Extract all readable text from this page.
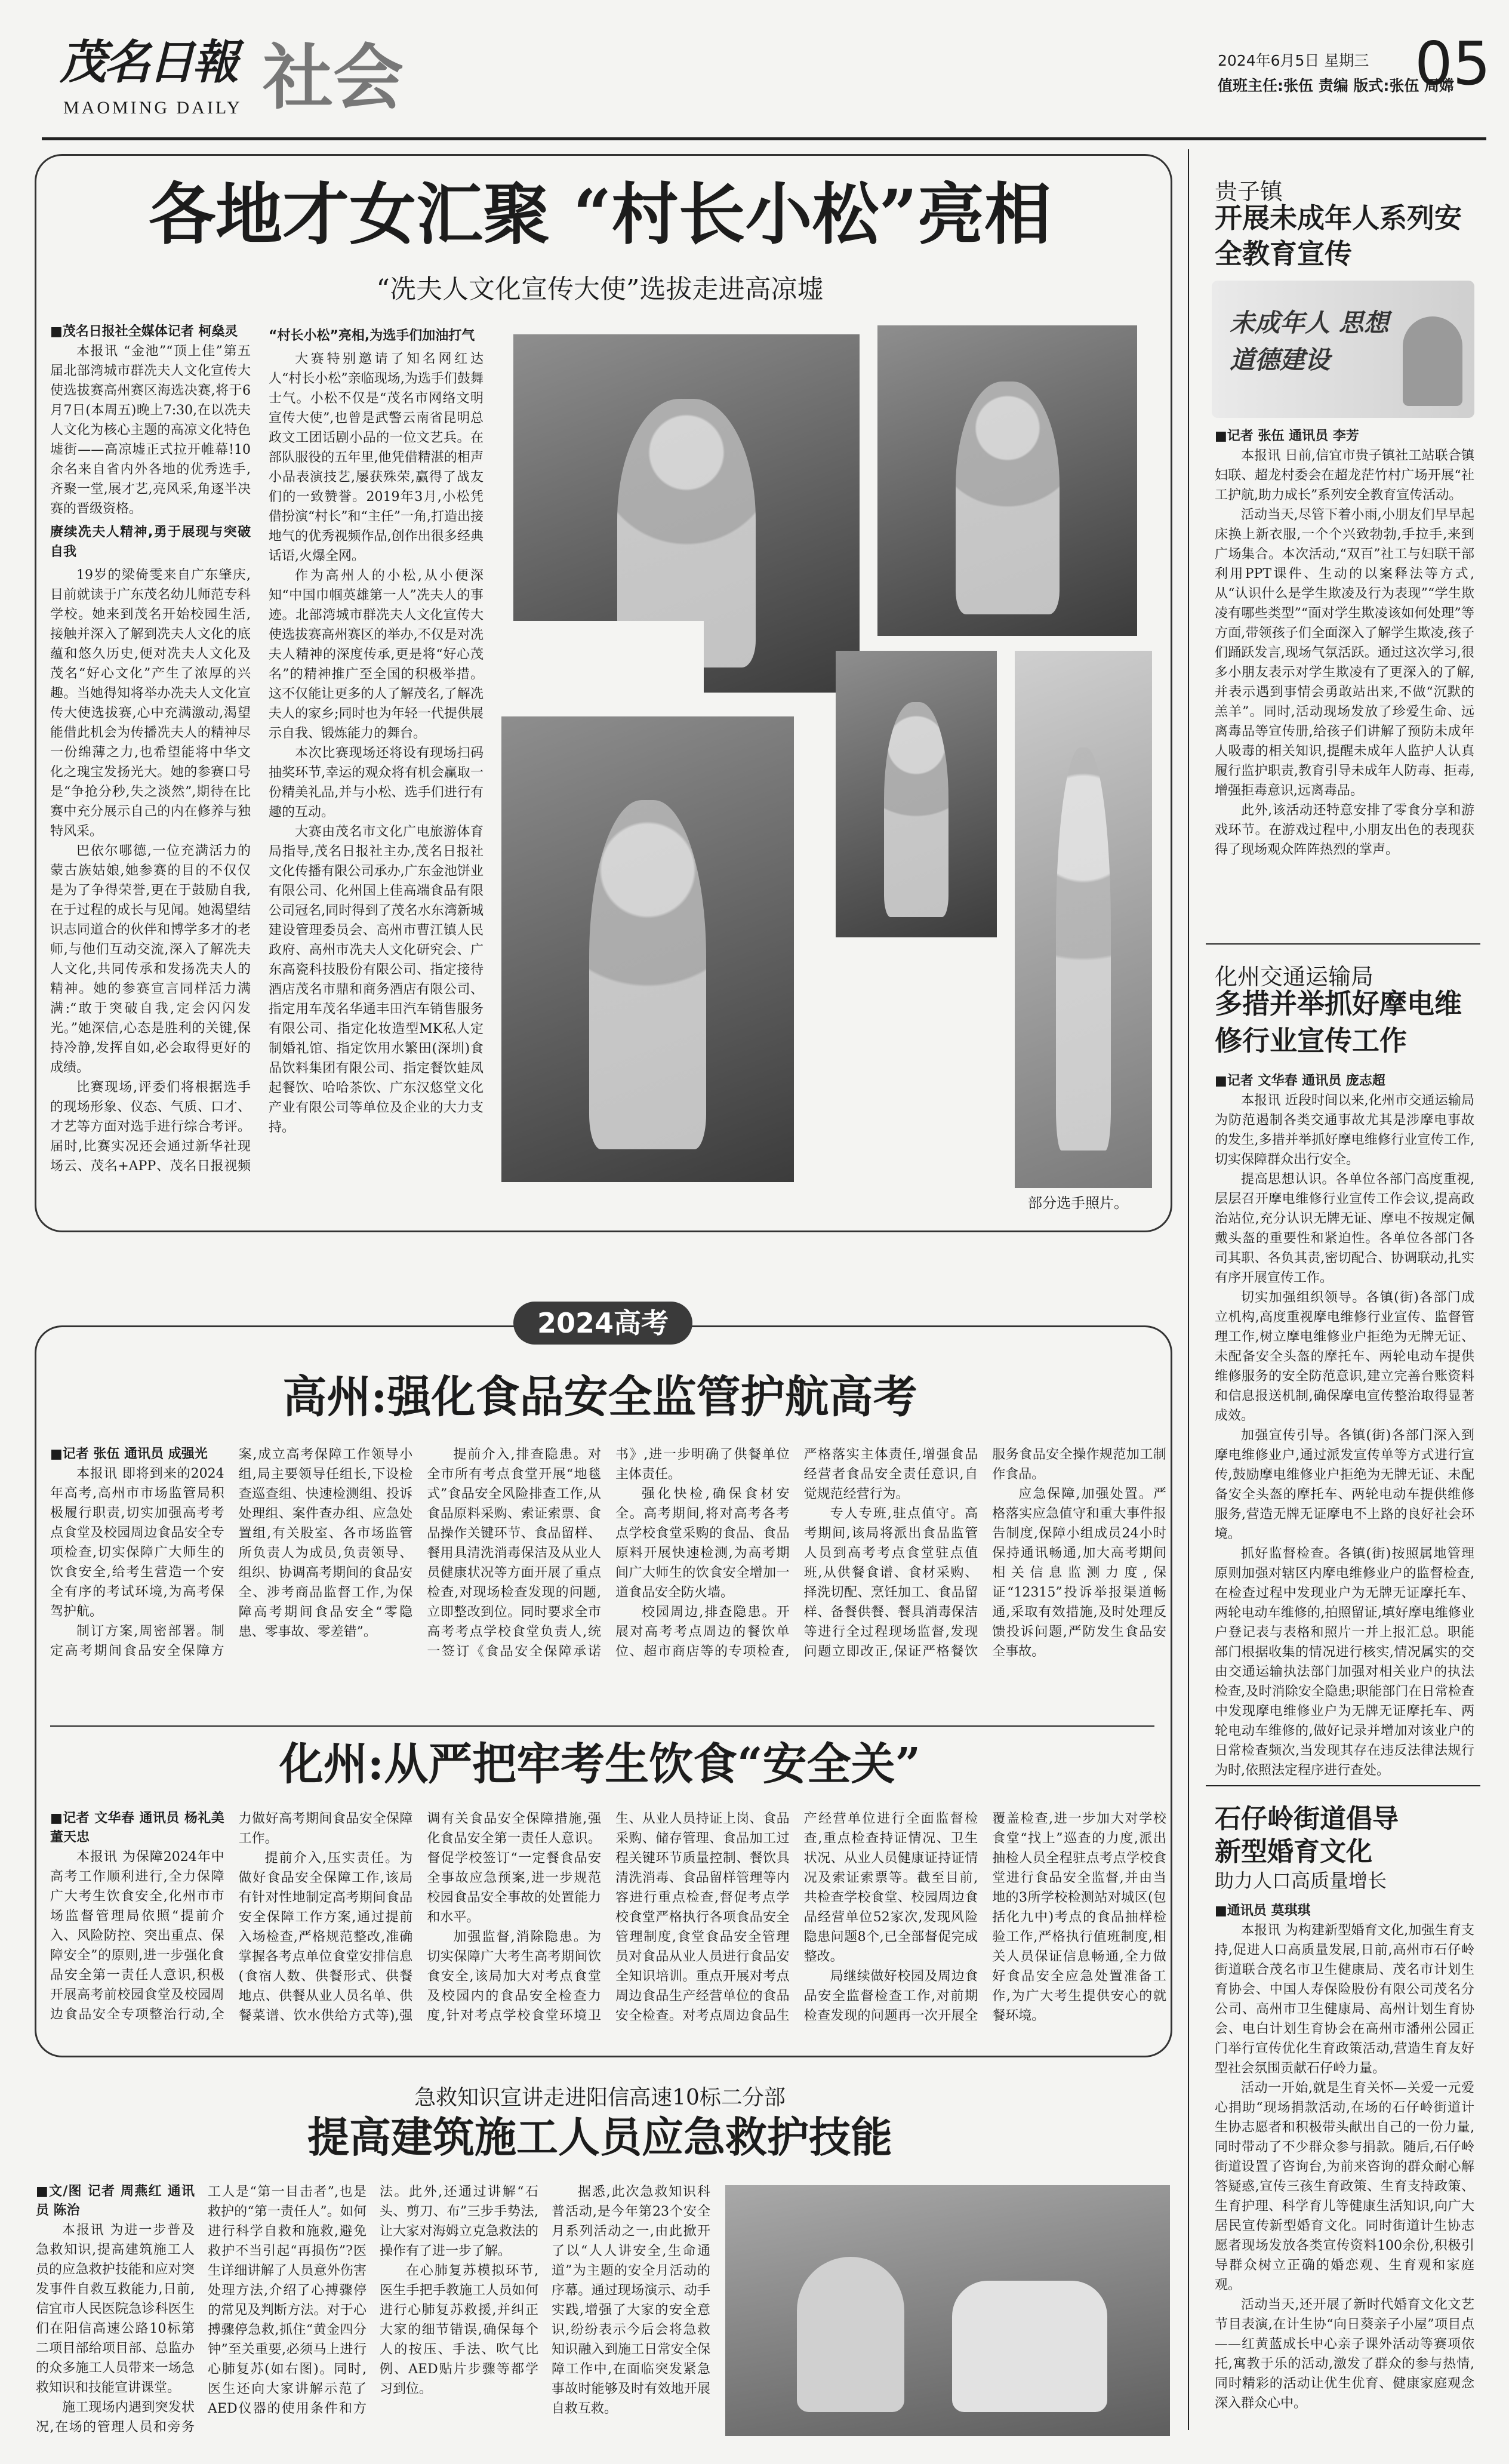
茂名日報
MAOMING DAILY 社会	2024年6月5日 星期三
值班主任:张伍 责编 版式:张伍 周嫦
05
各地才女汇聚 “村长小松”亮相
“冼夫人文化宣传大使”选拔走进高凉墟
■茂名日报社全媒体记者 柯燊灵

本报讯 “金池”“顶上佳”第五届北部湾城市群冼夫人文化宣传大使选拔赛高州赛区海选决赛,将于6月7日(本周五)晚上7:30,在以冼夫人文化为核心主题的高凉文化特色墟街——高凉墟正式拉开帷幕!10余名来自省内外各地的优秀选手,齐聚一堂,展才艺,亮风采,角逐半决赛的晋级资格。

赓续冼夫人精神,勇于展现与突破自我

19岁的梁倚雯来自广东肇庆,目前就读于广东茂名幼儿师范专科学校。她来到茂名开始校园生活,接触并深入了解到冼夫人文化的底蕴和悠久历史,便对冼夫人文化及茂名“好心文化”产生了浓厚的兴趣。当她得知将举办冼夫人文化宣传大使选拔赛,心中充满激动,渴望能借此机会为传播冼夫人的精神尽一份绵薄之力,也希望能将中华文化之瑰宝发扬光大。她的参赛口号是“争抢分秒,失之淡然”,期待在比赛中充分展示自己的内在修养与独特风采。

巴依尔哪德,一位充满活力的蒙古族姑娘,她参赛的目的不仅仅是为了争得荣誉,更在于鼓励自我,在于过程的成长与见闻。她渴望结识志同道合的伙伴和博学多才的老师,与他们互动交流,深入了解冼夫人文化,共同传承和发扬冼夫人的精神。她的参赛宣言同样活力满满:“敢于突破自我,定会闪闪发光。”她深信,心态是胜利的关键,保持冷静,发挥自如,必会取得更好的成绩。

比赛现场,评委们将根据选手的现场形象、仪态、气质、口才、才艺等方面对选手进行综合考评。届时,比赛实况还会通过新华社现场云、茂名+APP、茂名日报视频

“村长小松”亮相,为选手们加油打气

大赛特别邀请了知名网红达人“村长小松”亲临现场,为选手们鼓舞士气。小松不仅是“茂名市网络文明宣传大使”,也曾是武警云南省昆明总政文工团话剧小品的一位文艺兵。在部队服役的五年里,他凭借精湛的相声小品表演技艺,屡获殊荣,赢得了战友们的一致赞誉。2019年3月,小松凭借扮演“村长”和“主任”一角,打造出接地气的优秀视频作品,创作出很多经典话语,火爆全网。

作为高州人的小松,从小便深知“中国巾帼英雄第一人”冼夫人的事迹。北部湾城市群冼夫人文化宣传大使选拔赛高州赛区的举办,不仅是对冼夫人精神的深度传承,更是将“好心茂名”的精神推广至全国的积极举措。这不仅能让更多的人了解茂名,了解冼夫人的家乡;同时也为年轻一代提供展示自我、锻炼能力的舞台。

本次比赛现场还将设有现场扫码抽奖环节,幸运的观众将有机会赢取一份精美礼品,并与小松、选手们进行有趣的互动。

大赛由茂名市文化广电旅游体育局指导,茂名日报社主办,茂名日报社文化传播有限公司承办,广东金池饼业有限公司、化州国上佳高端食品有限公司冠名,同时得到了茂名水东湾新城建设管理委员会、高州市曹江镇人民政府、高州市冼夫人文化研究会、广东高瓷科技股份有限公司、指定接待酒店茂名市鼎和商务酒店有限公司、指定用车茂名华通丰田汽车销售服务有限公司、指定化妆造型MK私人定制婚礼馆、指定饮用水繁田(深圳)食品饮料集团有限公司、指定餐饮蛙凤起餐饮、哈哈茶饮、广东汉悠堂文化产业有限公司等单位及企业的大力支持。

部分选手照片。
贵子镇
开展未成年人系列安全教育宣传
未成年人 思想道德建设
■记者 张伍 通讯员 李芳

本报讯 日前,信宜市贵子镇社工站联合镇妇联、超龙村委会在超龙茫竹村广场开展“社工护航,助力成长”系列安全教育宣传活动。

活动当天,尽管下着小雨,小朋友们早早起床换上新衣服,一个个兴致勃勃,手拉手,来到广场集合。本次活动,“双百”社工与妇联干部利用PPT课件、生动的以案释法等方式,从“认识什么是学生欺凌及行为表现”“学生欺凌有哪些类型”“面对学生欺凌该如何处理”等方面,带领孩子们全面深入了解学生欺凌,孩子们踊跃发言,现场气氛活跃。通过这次学习,很多小朋友表示对学生欺凌有了更深入的了解,并表示遇到事情会勇敢站出来,不做“沉默的羔羊”。同时,活动现场发放了珍爱生命、远离毒品等宣传册,给孩子们讲解了预防未成年人吸毒的相关知识,提醒未成年人监护人认真履行监护职责,教育引导未成年人防毒、拒毒,增强拒毒意识,远离毒品。

此外,该活动还特意安排了零食分享和游戏环节。在游戏过程中,小朋友出色的表现获得了现场观众阵阵热烈的掌声。

化州交通运输局
多措并举抓好摩电维修行业宣传工作
■记者 文华春 通讯员 庞志超

本报讯 近段时间以来,化州市交通运输局为防范遏制各类交通事故尤其是涉摩电事故的发生,多措并举抓好摩电维修行业宣传工作,切实保障群众出行安全。

提高思想认识。各单位各部门高度重视,层层召开摩电维修行业宣传工作会议,提高政治站位,充分认识无牌无证、摩电不按规定佩戴头盔的重要性和紧迫性。各单位各部门各司其职、各负其责,密切配合、协调联动,扎实有序开展宣传工作。

切实加强组织领导。各镇(街)各部门成立机构,高度重视摩电维修行业宣传、监督管理工作,树立摩电维修业户拒绝为无牌无证、未配备安全头盔的摩托车、两轮电动车提供维修服务的安全防范意识,建立完善台账资料和信息报送机制,确保摩电宣传整治取得显著成效。

加强宣传引导。各镇(街)各部门深入到摩电维修业户,通过派发宣传单等方式进行宣传,鼓励摩电维修业户拒绝为无牌无证、未配备安全头盔的摩托车、两轮电动车提供维修服务,营造无牌无证摩电不上路的良好社会环境。

抓好监督检查。各镇(街)按照属地管理原则加强对辖区内摩电维修业户的监督检查,在检查过程中发现业户为无牌无证摩托车、两轮电动车维修的,拍照留证,填好摩电维修业户登记表与表格和照片一并上报汇总。职能部门根据收集的情况进行核实,情况属实的交由交通运输执法部门加强对相关业户的执法检查,及时消除安全隐患;职能部门在日常检查中发现摩电维修业户为无牌无证摩托车、两轮电动车维修的,做好记录并增加对该业户的日常检查频次,当发现其存在违反法律法规行为时,依照法定程序进行查处。

石仔岭街道倡导
新型婚育文化
助力人口高质量增长
■通讯员 莫琪琪

本报讯 为构建新型婚育文化,加强生育支持,促进人口高质量发展,日前,高州市石仔岭街道联合茂名市卫生健康局、茂名市计划生育协会、中国人寿保险股份有限公司茂名分公司、高州市卫生健康局、高州计划生育协会、电白计划生育协会在高州市潘州公园正门举行宣传优化生育政策活动,营造生育友好型社会氛围贡献石仔岭力量。

活动一开始,就是生育关怀—关爱一元爱心捐助“现场捐款活动,在场的石仔岭街道计生协志愿者和积极带头献出自己的一份力量,同时带动了不少群众参与捐款。随后,石仔岭街道设置了咨询台,为前来咨询的群众耐心解答疑惑,宣传三孩生育政策、生育支持政策、生育护理、科学育儿等健康生活知识,向广大居民宣传新型婚育文化。同时街道计生协志愿者现场发放各类宣传资料100余份,积极引导群众树立正确的婚恋观、生育观和家庭观。

活动当天,还开展了新时代婚育文化文艺节目表演,在计生协“向日葵亲子小屋”项目点——红黄蓝成长中心亲子课外活动等赛项依托,寓教于乐的活动,激发了群众的参与热情,同时精彩的活动让优生优育、健康家庭观念深入群众心中。

2024高考
高州:强化食品安全监管护航高考
■记者 张伍 通讯员 成强光

本报讯 即将到来的2024年高考,高州市市场监管局积极履行职责,切实加强高考考点食堂及校园周边食品安全专项检查,切实保障广大师生的饮食安全,给考生营造一个安全有序的考试环境,为高考保驾护航。

制订方案,周密部署。制定高考期间食品安全保障方案,成立高考保障工作领导小组,局主要领导任组长,下设检查巡查组、快速检测组、投诉处理组、案件查办组、应急处置组,有关股室、各市场监管所负责人为成员,负责领导、组织、协调高考期间的食品安全、涉考商品监督工作,为保障高考期间食品安全“零隐患、零事故、零差错”。

提前介入,排查隐患。对全市所有考点食堂开展“地毯式”食品安全风险排查工作,从食品原料采购、索证索票、食品操作关键环节、食品留样、餐用具清洗消毒保洁及从业人员健康状况等方面开展了重点检查,对现场检查发现的问题,立即整改到位。同时要求全市高考考点学校食堂负责人,统一签订《食品安全保障承诺书》,进一步明确了供餐单位主体责任。

强化快检,确保食材安全。高考期间,将对高考各考点学校食堂采购的食品、食品原料开展快速检测,为高考期间广大师生的饮食安全增加一道食品安全防火墙。

校园周边,排查隐患。开展对高考考点周边的餐饮单位、超市商店等的专项检查,严格落实主体责任,增强食品经营者食品安全责任意识,自觉规范经营行为。

专人专班,驻点值守。高考期间,该局将派出食品监管人员到高考考点食堂驻点值班,从供餐食谱、食材采购、择洗切配、烹饪加工、食品留样、备餐供餐、餐具消毒保洁等进行全过程现场监督,发现问题立即改正,保证严格餐饮服务食品安全操作规范加工制作食品。

应急保障,加强处置。严格落实应急值守和重大事件报告制度,保障小组成员24小时保持通讯畅通,加大高考期间相关信息监测力度,保证“12315”投诉举报渠道畅通,采取有效措施,及时处理反馈投诉问题,严防发生食品安全事故。

化州:从严把牢考生饮食“安全关”
■记者 文华春 通讯员 杨礼美 董天忠

本报讯 为保障2024年中高考工作顺利进行,全力保障广大考生饮食安全,化州市市场监督管理局依照“提前介入、风险防控、突出重点、保障安全”的原则,进一步强化食品安全第一责任人意识,积极开展高考前校园食堂及校园周边食品安全专项整治行动,全力做好高考期间食品安全保障工作。

提前介入,压实责任。为做好食品安全保障工作,该局有针对性地制定高考期间食品安全保障工作方案,通过提前入场检查,严格规范整改,准确掌握各考点单位食堂安排信息(食宿人数、供餐形式、供餐地点、供餐从业人员名单、供餐菜谱、饮水供给方式等),强调有关食品安全保障措施,强化食品安全第一责任人意识。督促学校签订“一定餐食品安全事故应急预案,进一步规范校园食品安全事故的处置能力和水平。

加强监督,消除隐患。为切实保障广大考生高考期间饮食安全,该局加大对考点食堂及校园内的食品安全检查力度,针对考点学校食堂环境卫生、从业人员持证上岗、食品采购、储存管理、食品加工过程关键环节质量控制、餐饮具清洗消毒、食品留样管理等内容进行重点检查,督促考点学校食堂严格执行各项食品安全管理制度,食堂食品安全管理员对食品从业人员进行食品安全知识培训。重点开展对考点周边食品生产经营单位的食品安全检查。对考点周边食品生产经营单位进行全面监督检查,重点检查持证情况、卫生状况、从业人员健康证持证情况及索证索票等。截至目前,共检查学校食堂、校园周边食品经营单位52家次,发现风险隐患问题8个,已全部督促完成整改。

局继续做好校园及周边食品安全监督检查工作,对前期检查发现的问题再一次开展全覆盖检查,进一步加大对学校食堂“找上”巡查的力度,派出抽检人员全程驻点考点学校食堂进行食品安全监督,并由当地的3所学校检测站对城区(包括化九中)考点的食品抽样检验工作,严格执行值班制度,相关人员保证信息畅通,全力做好食品安全应急处置准备工作,为广大考生提供安心的就餐环境。

急救知识宣讲走进阳信高速10标二分部
提高建筑施工人员应急救护技能
■文/图 记者 周燕红 通讯员 陈治

本报讯 为进一步普及急救知识,提高建筑施工人员的应急救护技能和应对突发事件自救互救能力,日前,信宜市人民医院急诊科医生们在阳信高速公路10标第二项目部给项目部、总监办的众多施工人员带来一场急救知识和技能宣讲课堂。

施工现场内遇到突发状况,在场的管理人员和旁务工人是“第一目击者”,也是救护的“第一责任人”。如何进行科学自救和施救,避免救护不当引起“再损伤”?医生详细讲解了人员意外伤害处理方法,介绍了心搏骤停的常见及判断方法。对于心搏骤停急救,抓住“黄金四分钟”至关重要,必须马上进行心肺复苏(如右图)。同时,医生还向大家讲解示范了AED仪器的使用条件和方法。此外,还通过讲解“石头、剪刀、布”三步手势法,让大家对海姆立克急救法的操作有了进一步了解。

在心肺复苏模拟环节,医生手把手教施工人员如何进行心肺复苏救援,并纠正大家的细节错误,确保每个人的按压、手法、吹气比例、AED贴片步骤等都学习到位。

据悉,此次急救知识科普活动,是今年第23个安全月系列活动之一,由此掀开了以“人人讲安全,生命通道”为主题的安全月活动的序幕。通过现场演示、动手实践,增强了大家的安全意识,纷纷表示今后会将急救知识融入到施工日常安全保障工作中,在面临突发紧急事故时能够及时有效地开展自救互救。
